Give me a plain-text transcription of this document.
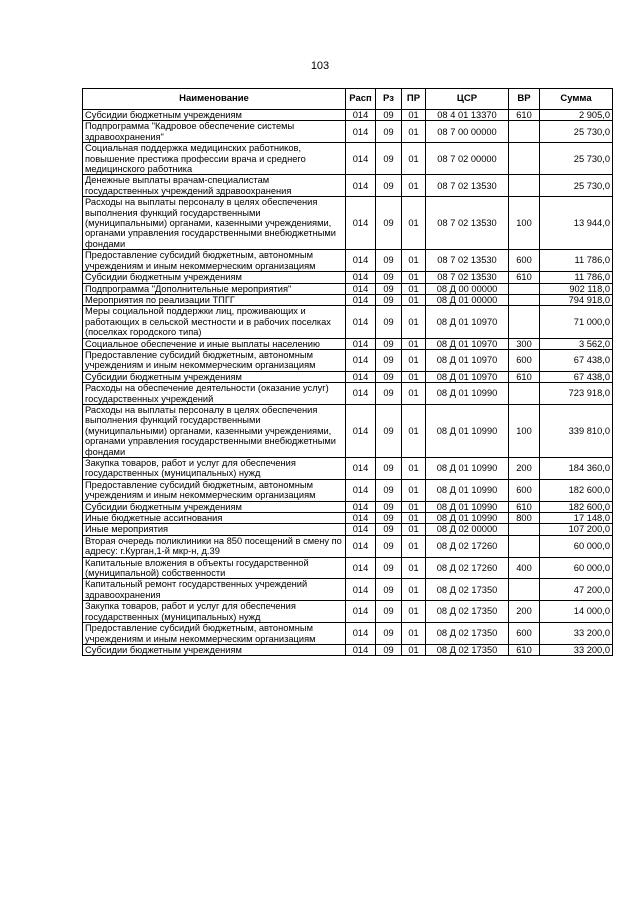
103
Наименование	Расп	Рз	ПР	ЦСР	ВР	Сумма
Субсидии бюджетным учреждениям	014	09	01	08 4 01 13370	610	2 905,0
Подпрограмма "Кадровое обеспечение системы здравоохранения"	014	09	01	08 7 00 00000		25 730,0
Социальная поддержка медицинских работников, повышение престижа профессии врача и среднего медицинского работника	014	09	01	08 7 02 00000		25 730,0
Денежные выплаты врачам-специалистам государственных учреждений здравоохранения	014	09	01	08 7 02 13530		25 730,0
Расходы на выплаты персоналу в целях обеспечения выполнения функций государственными (муниципальными) органами, казенными учреждениями, органами управления государственными внебюджетными фондами	014	09	01	08 7 02 13530	100	13 944,0
Предоставление субсидий бюджетным, автономным учреждениям и иным некоммерческим организациям	014	09	01	08 7 02 13530	600	11 786,0
Субсидии бюджетным учреждениям	014	09	01	08 7 02 13530	610	11 786,0
Подпрограмма "Дополнительные мероприятия"	014	09	01	08 Д 00 00000		902 118,0
Мероприятия по реализации ТПГГ	014	09	01	08 Д 01 00000		794 918,0
Меры социальной поддержки лиц, проживающих и работающих в сельской местности и в рабочих поселках (поселках городского типа)	014	09	01	08 Д 01 10970		71 000,0
Социальное обеспечение и иные выплаты населению	014	09	01	08 Д 01 10970	300	3 562,0
Предоставление субсидий бюджетным, автономным учреждениям и иным некоммерческим организациям	014	09	01	08 Д 01 10970	600	67 438,0
Субсидии бюджетным учреждениям	014	09	01	08 Д 01 10970	610	67 438,0
Расходы на обеспечение деятельности (оказание услуг) государственных учреждений	014	09	01	08 Д 01 10990		723 918,0
Расходы на выплаты персоналу в целях обеспечения выполнения функций государственными (муниципальными) органами, казенными учреждениями, органами управления государственными внебюджетными фондами	014	09	01	08 Д 01 10990	100	339 810,0
Закупка товаров, работ и услуг для обеспечения государственных (муниципальных) нужд	014	09	01	08 Д 01 10990	200	184 360,0
Предоставление субсидий бюджетным, автономным учреждениям и иным некоммерческим организациям	014	09	01	08 Д 01 10990	600	182 600,0
Субсидии бюджетным учреждениям	014	09	01	08 Д 01 10990	610	182 600,0
Иные бюджетные ассигнования	014	09	01	08 Д 01 10990	800	17 148,0
Иные мероприятия	014	09	01	08 Д 02 00000		107 200,0
Вторая очередь поликлиники на 850 посещений в смену по адресу: г.Курган,1-й мкр-н, д.39	014	09	01	08 Д 02 17260		60 000,0
Капитальные вложения в объекты государственной (муниципальной) собственности	014	09	01	08 Д 02 17260	400	60 000,0
Капитальный ремонт государственных учреждений здравоохранения	014	09	01	08 Д 02 17350		47 200,0
Закупка товаров, работ и услуг для обеспечения государственных (муниципальных) нужд	014	09	01	08 Д 02 17350	200	14 000,0
Предоставление субсидий бюджетным, автономным учреждениям и иным некоммерческим организациям	014	09	01	08 Д 02 17350	600	33 200,0
Субсидии бюджетным учреждениям	014	09	01	08 Д 02 17350	610	33 200,0
